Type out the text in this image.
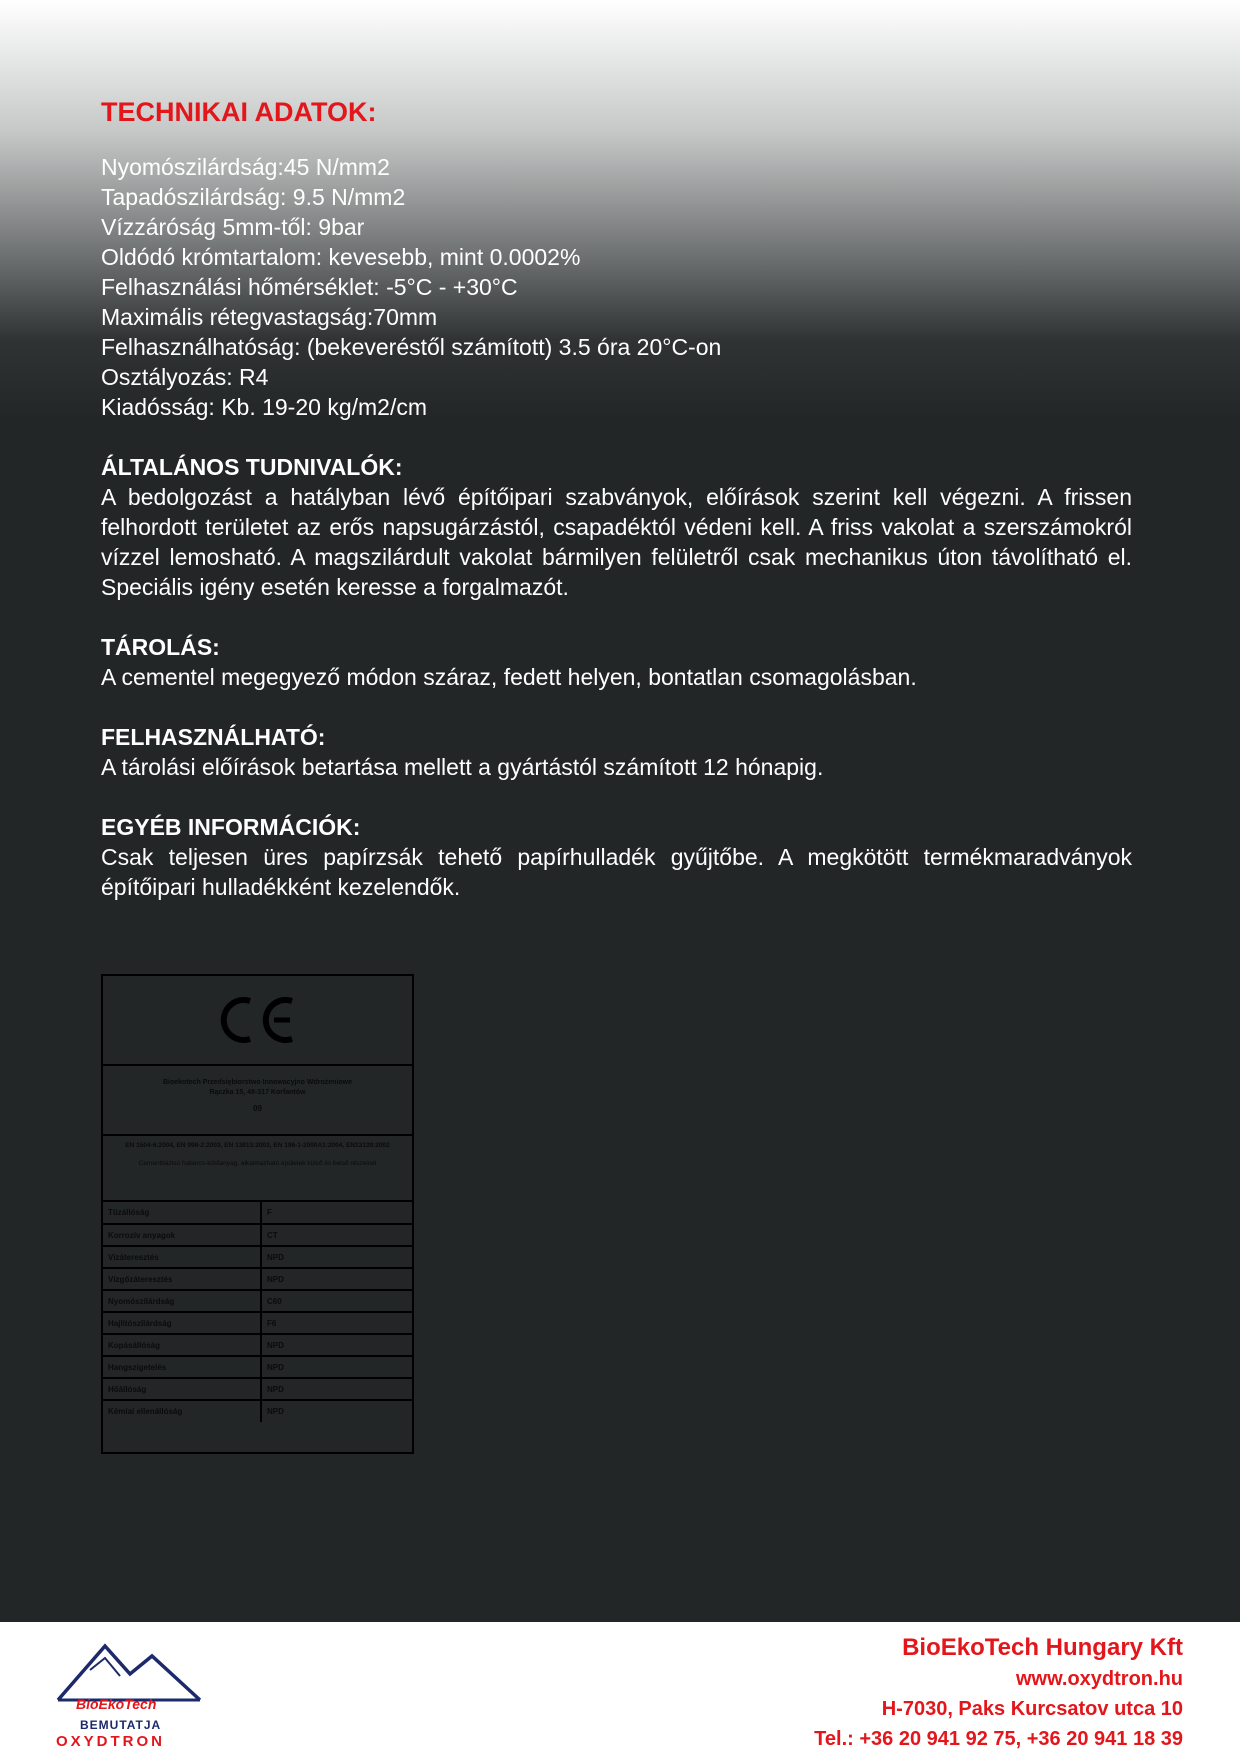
TECHNIKAI ADATOK:
Nyomószilárdság:45 N/mm2
Tapadószilárdság: 9.5 N/mm2
Vízzáróság 5mm-től: 9bar
Oldódó krómtartalom: kevesebb, mint 0.0002%
Felhasználási hőmérséklet: -5°C - +30°C
Maximális rétegvastagság:70mm
Felhasználhatóság: (bekeveréstől számított) 3.5 óra 20°C-on
Osztályozás: R4
Kiadósság: Kb. 19-20 kg/m2/cm
ÁLTALÁNOS TUDNIVALÓK:

A bedolgozást a hatályban lévő építőipari szabványok, előírások szerint kell végezni. A frissen felhordott területet az erős napsugárzástól, csapadéktól védeni kell. A friss vakolat a szerszámokról vízzel lemosható. A magszilárdult vakolat bármilyen felületről csak mechanikus úton távolítható el. Speciális igény esetén keresse a forgalmazót.

TÁROLÁS:

A cementel megegyező módon száraz, fedett helyen, bontatlan csomagolásban.

FELHASZNÁLHATÓ:

A tárolási előírások betartása mellett a gyártástól számított 12 hónapig.

EGYÉB INFORMÁCIÓK:

Csak teljesen üres papírzsák tehető papírhulladék gyűjtőbe. A megkötött termékmaradványok építőipari hulladékként kezelendők.

Bioekotech Przedsiębiorstwo Innowacyjno Wdrożeniowe
Rączka 15, 48-317 Korfantów
09
EN 1504-6:2004, EN 998-2:2003, EN 13813:2003, EN 196-1-2000A1:2004, EN13139:2002
Cementbázisú habarcs-kötőanyag, alkalmazható épületek külső és belső részeinél
Tűzállóság	F
Korrozív anyagok	CT
Vízáteresztés	NPD
Vízgőzáteresztés	NPD
Nyomószilárdság	C60
Hajlítószilárdság	F6
Kopásállóság	NPD
Hangszigetelés	NPD
Hőállóság	NPD
Kémiai ellenállóság	NPD
BioEkoTech
BEMUTATJA
OXYDTRON
BioEkoTech Hungary Kft
www.oxydtron.hu
H-7030, Paks Kurcsatov utca 10
Tel.: +36 20 941 92 75, +36 20 941 18 39
